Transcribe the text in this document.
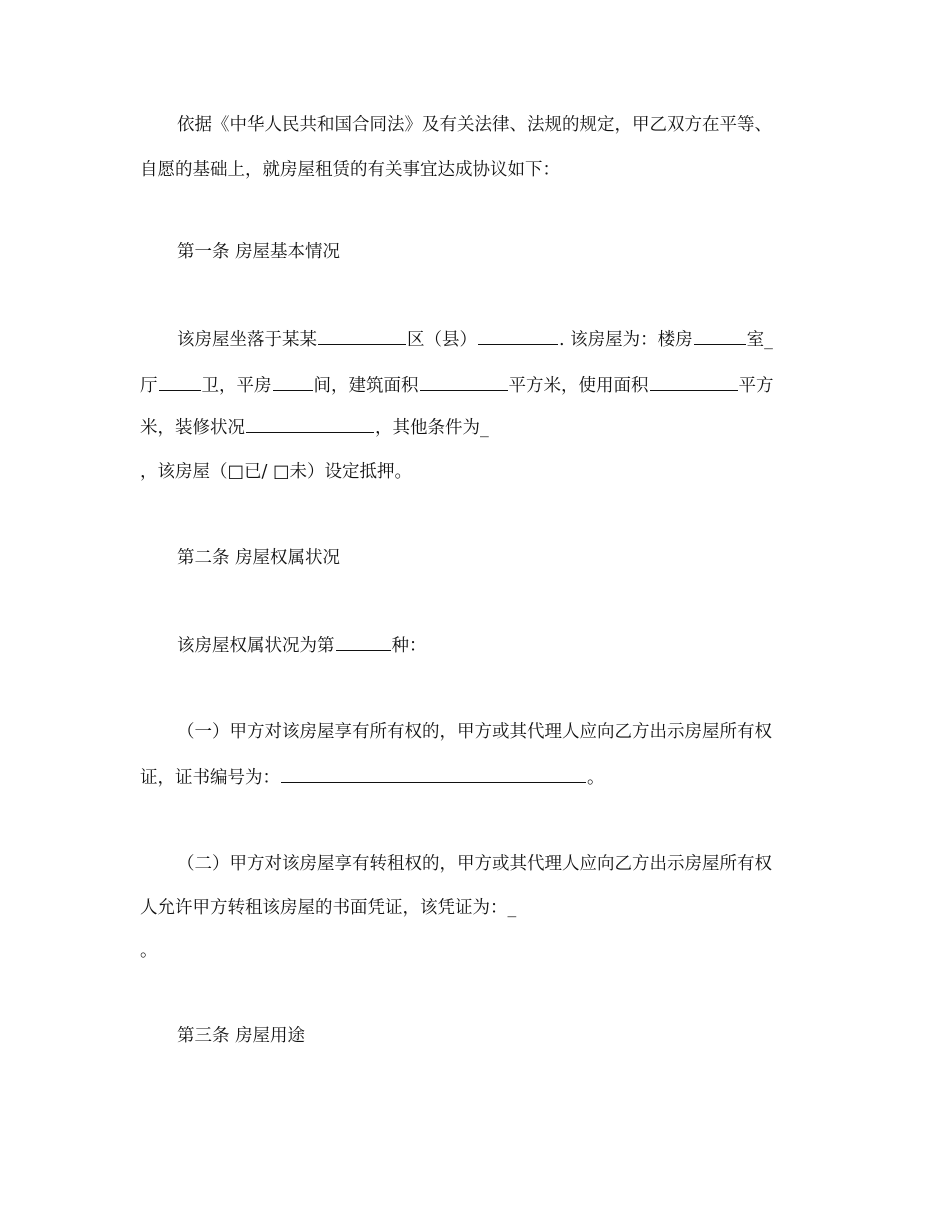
依据《中华人民共和国合同法》及有关法律、法规的规定，甲乙双方在平等、
自愿的基础上，就房屋租赁的有关事宜达成协议如下：
第一条 房屋基本情况
该房屋坐落于某某	区（县）	. 该房屋为：楼房	室_
厅	卫，平房 间，建筑面积	平方米，使用面积	平方
米，装修状况	，其他条件为_
，该房屋（□已/ □未）设定抵押。
第二条 房屋权属状况
该房屋权属状况为第	种：
（一）甲方对该房屋享有所有权的，甲方或其代理人应向乙方出示房屋所有权
证，证书编号为：	。
（二）甲方对该房屋享有转租权的，甲方或其代理人应向乙方出示房屋所有权
人允许甲方转租该房屋的书面凭证，该凭证为：_
。
第三条 房屋用途
